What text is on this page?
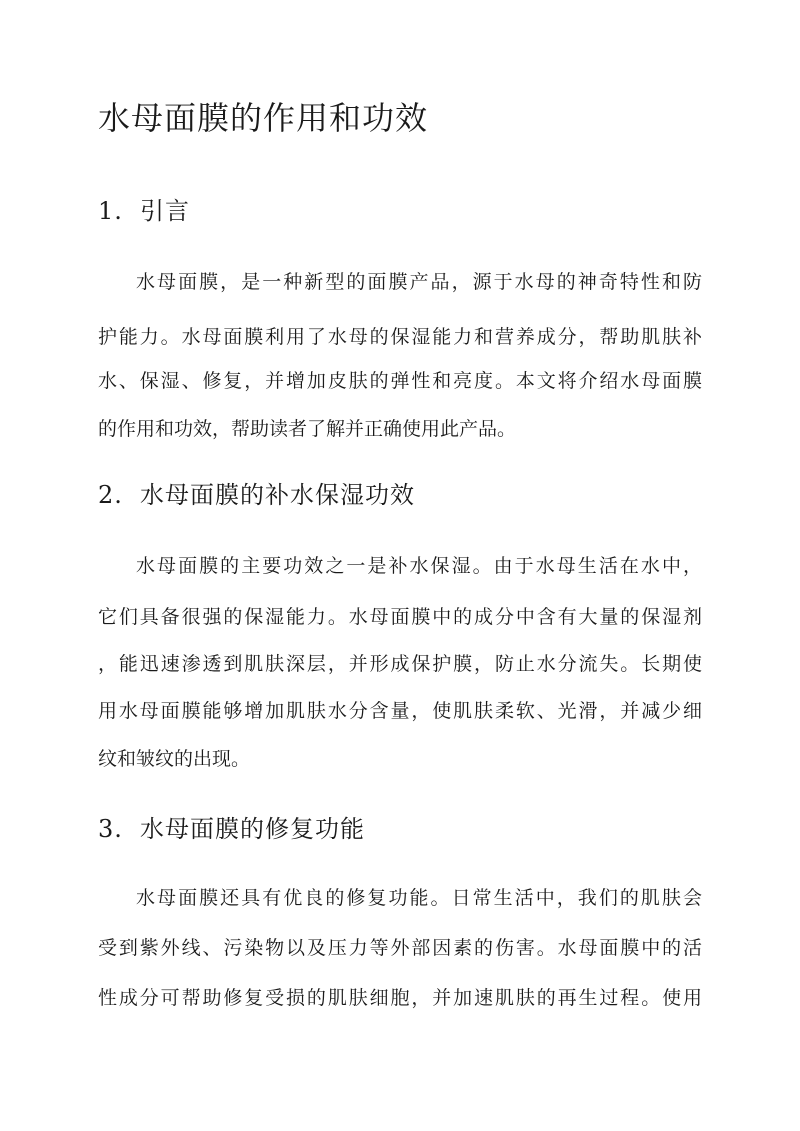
水母面膜的作用和功效
1. 引言

水母面膜，是一种新型的面膜产品，源于水母的神奇特性和防

护能力。水母面膜利用了水母的保湿能力和营养成分，帮助肌肤补

水、保湿、修复，并增加皮肤的弹性和亮度。本文将介绍水母面膜

的作用和功效，帮助读者了解并正确使用此产品。

2. 水母面膜的补水保湿功效

水母面膜的主要功效之一是补水保湿。由于水母生活在水中，

它们具备很强的保湿能力。水母面膜中的成分中含有大量的保湿剂

，能迅速渗透到肌肤深层，并形成保护膜，防止水分流失。长期使

用水母面膜能够增加肌肤水分含量，使肌肤柔软、光滑，并减少细

纹和皱纹的出现。

3. 水母面膜的修复功能

水母面膜还具有优良的修复功能。日常生活中，我们的肌肤会

受到紫外线、污染物以及压力等外部因素的伤害。水母面膜中的活

性成分可帮助修复受损的肌肤细胞，并加速肌肤的再生过程。使用
